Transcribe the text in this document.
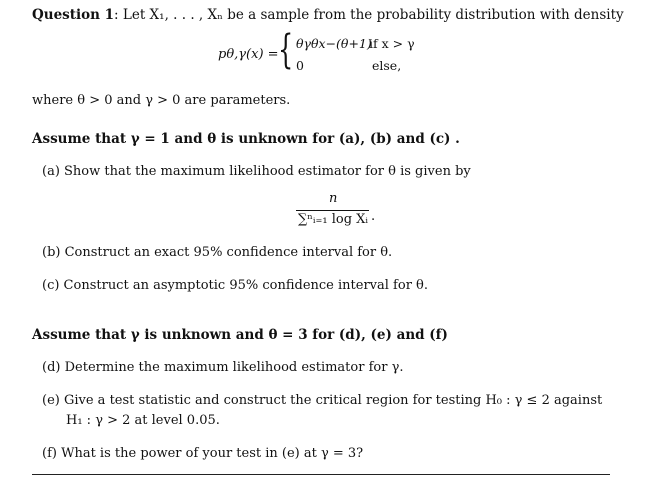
Question 1: Let X₁, . . . , Xₙ be a sample from the probability distribution with density
pθ,γ(x) = { θγθx−(θ+1)
if x > γ
0	else,
where θ > 0 and γ > 0 are parameters.
Assume that γ = 1 and θ is unknown for (a), (b) and (c) .
(a) Show that the maximum likelihood estimator for θ is given by
n
∑ⁿᵢ₌₁ log Xᵢ .
(b) Construct an exact 95% confidence interval for θ.
(c) Construct an asymptotic 95% confidence interval for θ.
Assume that γ is unknown and θ = 3 for (d), (e) and (f)
(d) Determine the maximum likelihood estimator for γ.
(e) Give a test statistic and construct the critical region for testing H₀ : γ ≤ 2 against
H₁ : γ > 2 at level 0.05.
(f) What is the power of your test in (e) at γ = 3?
